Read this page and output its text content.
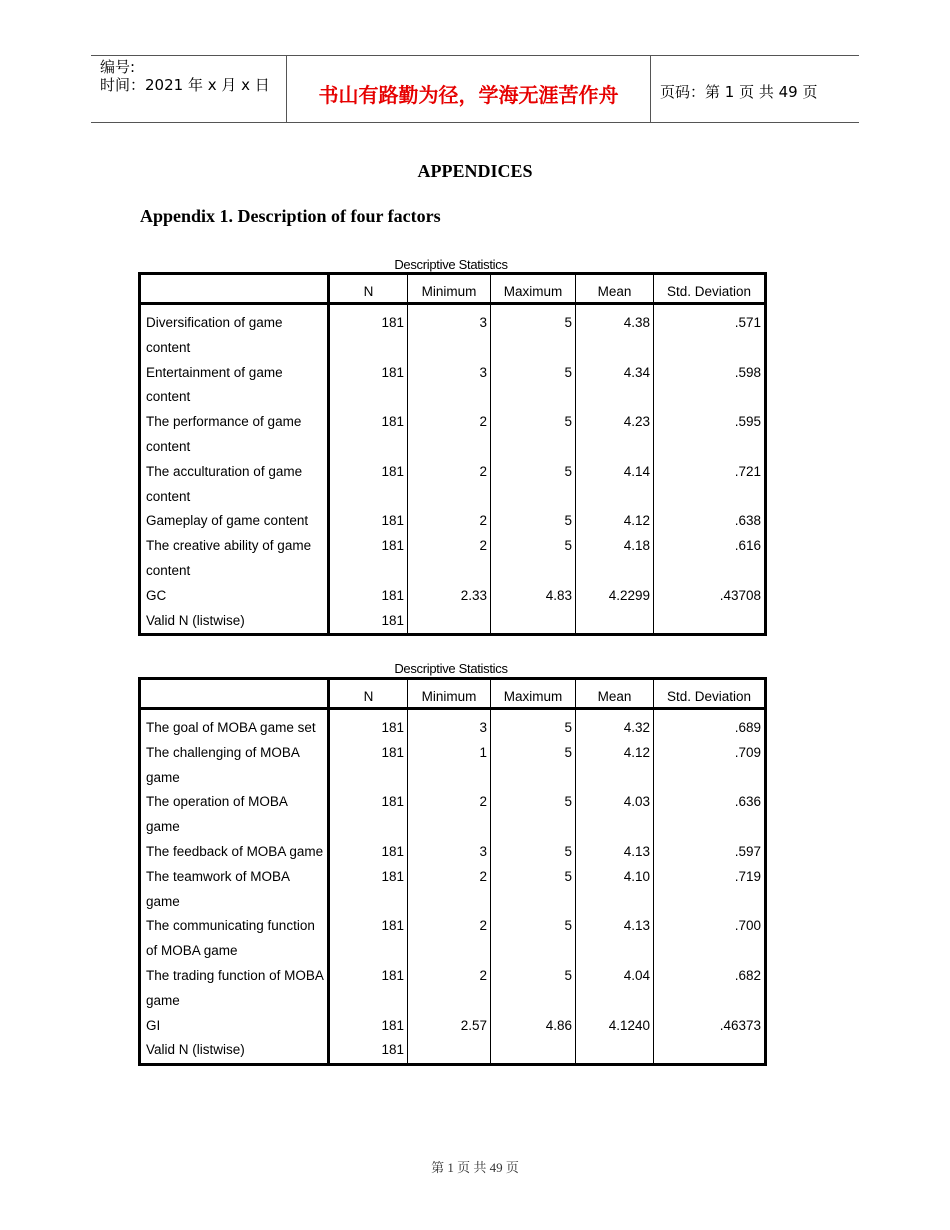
编号:
时间：2021 年 x 月 x 日	书山有路勤为径，学海无涯苦作舟	页码：第 1 页 共 49 页
APPENDICES
Appendix 1. Description of four factors
Descriptive Statistics
	N	Minimum	Maximum	Mean	Std. Deviation
Diversification of game content	181	3	5	4.38	.571
Entertainment of game content	181	3	5	4.34	.598
The performance of game content	181	2	5	4.23	.595
The acculturation of game content	181	2	5	4.14	.721
Gameplay of game content	181	2	5	4.12	.638
The creative ability of game content	181	2	5	4.18	.616
GC	181	2.33	4.83	4.2299	.43708
Valid N (listwise)	181				
Descriptive Statistics
	N	Minimum	Maximum	Mean	Std. Deviation
The goal of MOBA game set	181	3	5	4.32	.689
The challenging of MOBA game	181	1	5	4.12	.709
The operation of MOBA game	181	2	5	4.03	.636
The feedback of MOBA game	181	3	5	4.13	.597
The teamwork of MOBA game	181	2	5	4.10	.719
The communicating function of MOBA game	181	2	5	4.13	.700
The trading function of MOBA game	181	2	5	4.04	.682
GI	181	2.57	4.86	4.1240	.46373
Valid N (listwise)	181				
第 1 页 共 49 页
